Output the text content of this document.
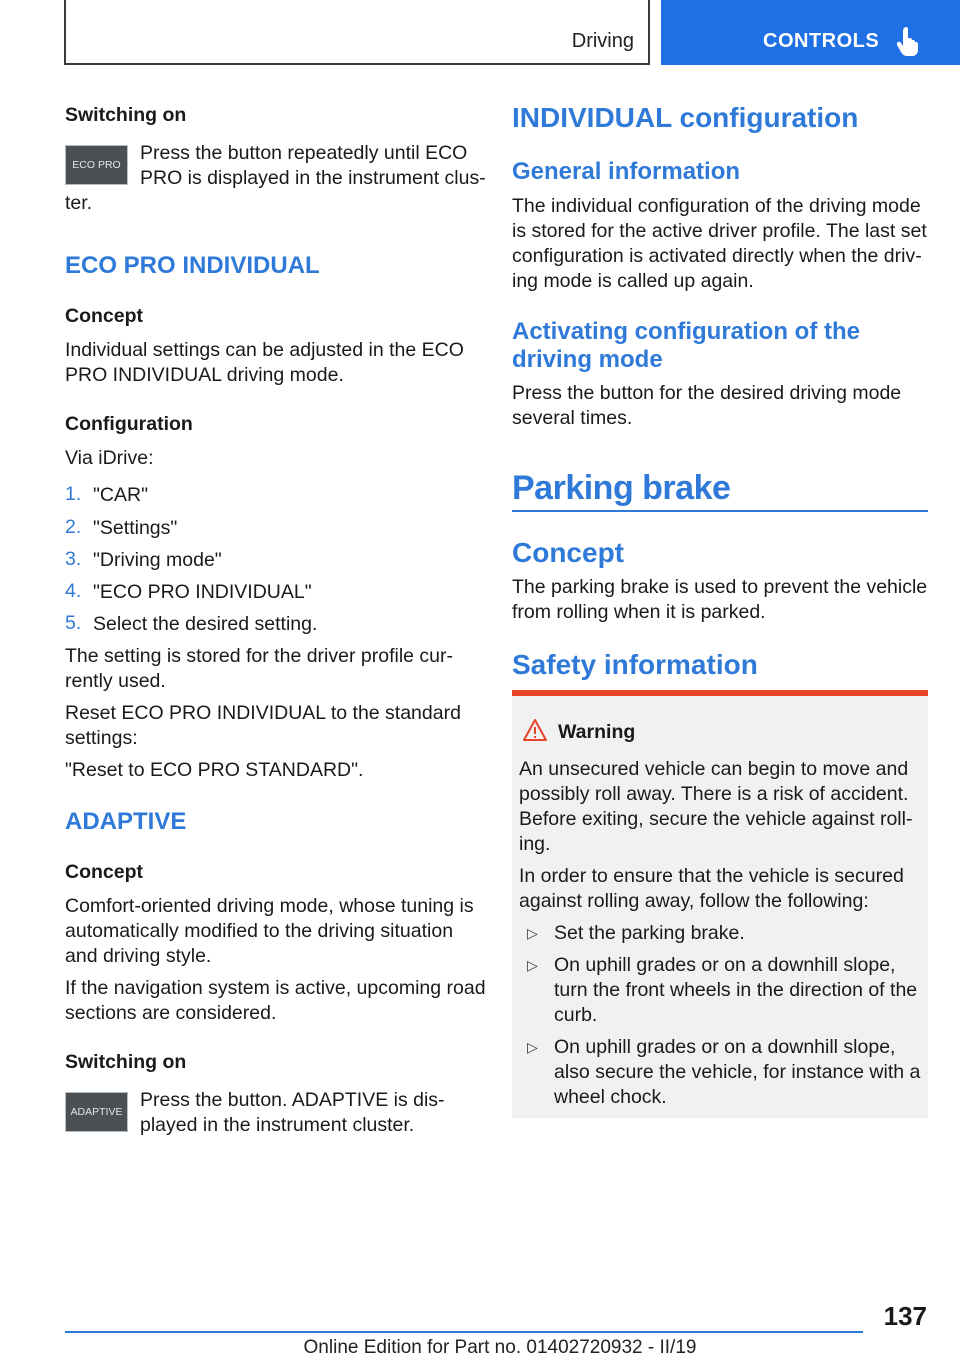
Driving	CONTROLS
Switching on
ECO PRO
Press the button repeatedly until ECO
PRO is displayed in the instrument clus-
ter.
ECO PRO INDIVIDUAL
Concept
Individual settings can be adjusted in the ECO
PRO INDIVIDUAL driving mode.
Configuration
Via iDrive:
1. "CAR"
2. "Settings"
3. "Driving mode"
4. "ECO PRO INDIVIDUAL"
5. Select the desired setting.
The setting is stored for the driver profile cur-
rently used.
Reset ECO PRO INDIVIDUAL to the standard
settings:
"Reset to ECO PRO STANDARD".
ADAPTIVE
Concept
Comfort-oriented driving mode, whose tuning is
automatically modified to the driving situation
and driving style.
If the navigation system is active, upcoming road
sections are considered.
Switching on
ADAPTIVE
Press the button. ADAPTIVE is dis-
played in the instrument cluster.
INDIVIDUAL configuration
General information
The individual configuration of the driving mode
is stored for the active driver profile. The last set
configuration is activated directly when the driv-
ing mode is called up again.
Activating configuration of the
driving mode
Press the button for the desired driving mode
several times.
Parking brake
Concept
The parking brake is used to prevent the vehicle
from rolling when it is parked.
Safety information
Warning
An unsecured vehicle can begin to move and
possibly roll away. There is a risk of accident.
Before exiting, secure the vehicle against roll-
ing.
In order to ensure that the vehicle is secured
against rolling away, follow the following:
▷ Set the parking brake.
▷ On uphill grades or on a downhill slope,
turn the front wheels in the direction of the
curb.
▷ On uphill grades or on a downhill slope,
also secure the vehicle, for instance with a
wheel chock.
137
Online Edition for Part no. 01402720932 - II/19
